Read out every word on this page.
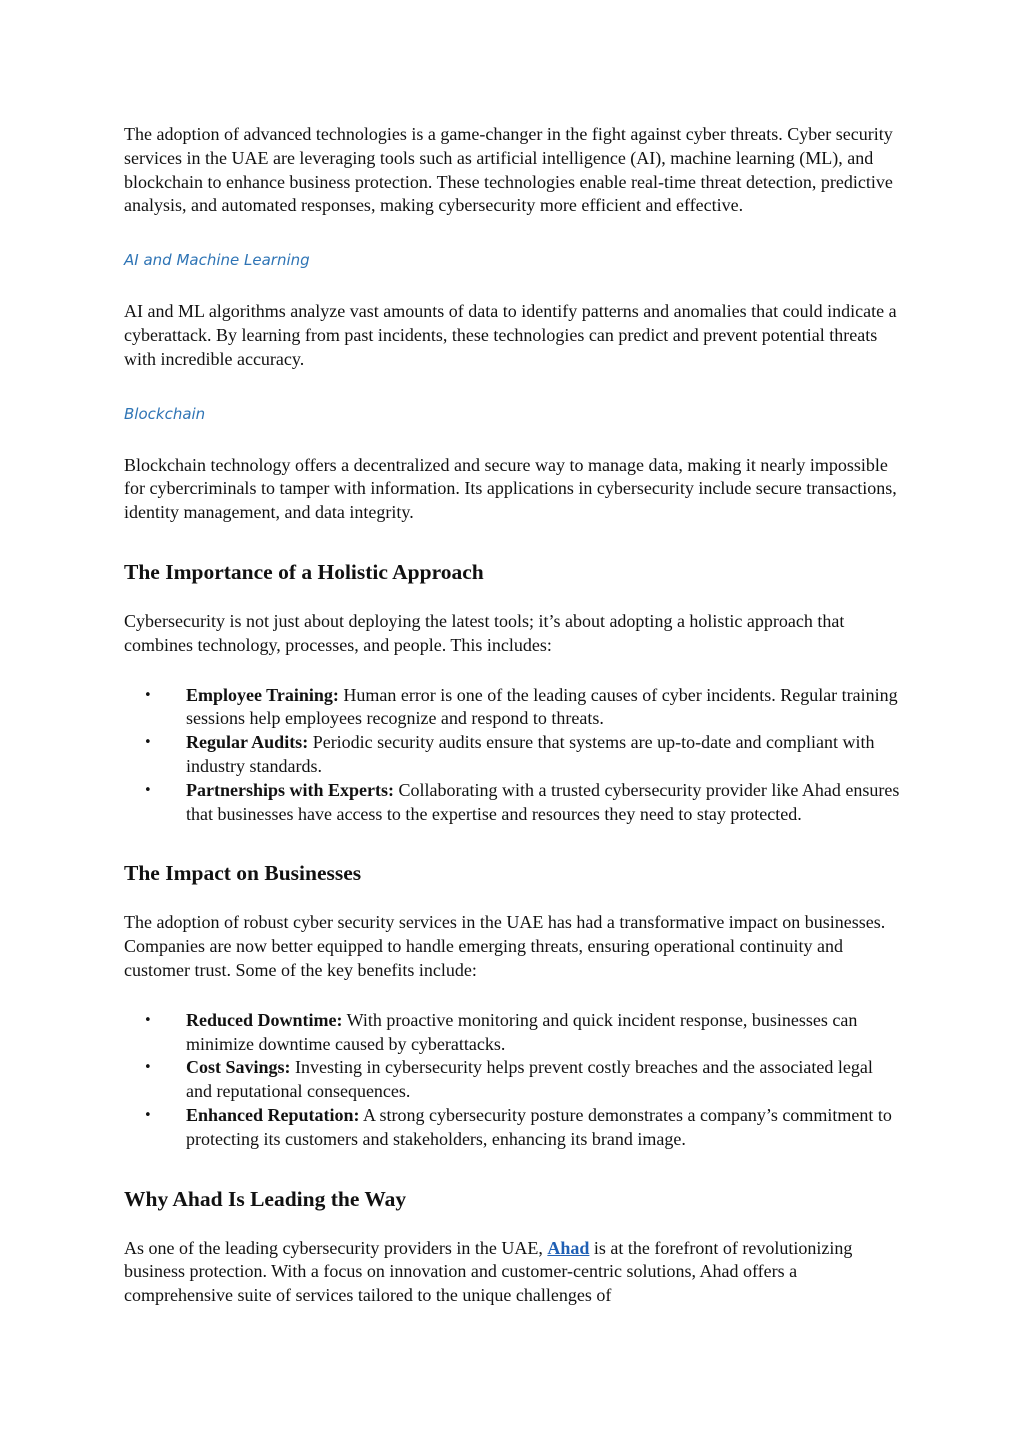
The adoption of advanced technologies is a game-changer in the fight against cyber threats. Cyber security services in the UAE are leveraging tools such as artificial intelligence (AI), machine learning (ML), and blockchain to enhance business protection. These technologies enable real-time threat detection, predictive analysis, and automated responses, making cybersecurity more efficient and effective.

AI and Machine Learning

AI and ML algorithms analyze vast amounts of data to identify patterns and anomalies that could indicate a cyberattack. By learning from past incidents, these technologies can predict and prevent potential threats with incredible accuracy.

Blockchain

Blockchain technology offers a decentralized and secure way to manage data, making it nearly impossible for cybercriminals to tamper with information. Its applications in cybersecurity include secure transactions, identity management, and data integrity.

The Importance of a Holistic Approach

Cybersecurity is not just about deploying the latest tools; it’s about adopting a holistic approach that combines technology, processes, and people. This includes:

• Employee Training: Human error is one of the leading causes of cyber incidents. Regular training sessions help employees recognize and respond to threats.
• Regular Audits: Periodic security audits ensure that systems are up-to-date and compliant with industry standards.
• Partnerships with Experts: Collaborating with a trusted cybersecurity provider like Ahad ensures that businesses have access to the expertise and resources they need to stay protected.
The Impact on Businesses

The adoption of robust cyber security services in the UAE has had a transformative impact on businesses. Companies are now better equipped to handle emerging threats, ensuring operational continuity and customer trust. Some of the key benefits include:

• Reduced Downtime: With proactive monitoring and quick incident response, businesses can minimize downtime caused by cyberattacks.
• Cost Savings: Investing in cybersecurity helps prevent costly breaches and the associated legal and reputational consequences.
• Enhanced Reputation: A strong cybersecurity posture demonstrates a company’s commitment to protecting its customers and stakeholders, enhancing its brand image.
Why Ahad Is Leading the Way

As one of the leading cybersecurity providers in the UAE, Ahad is at the forefront of revolutionizing business protection. With a focus on innovation and customer-centric solutions, Ahad offers a comprehensive suite of services tailored to the unique challenges of
